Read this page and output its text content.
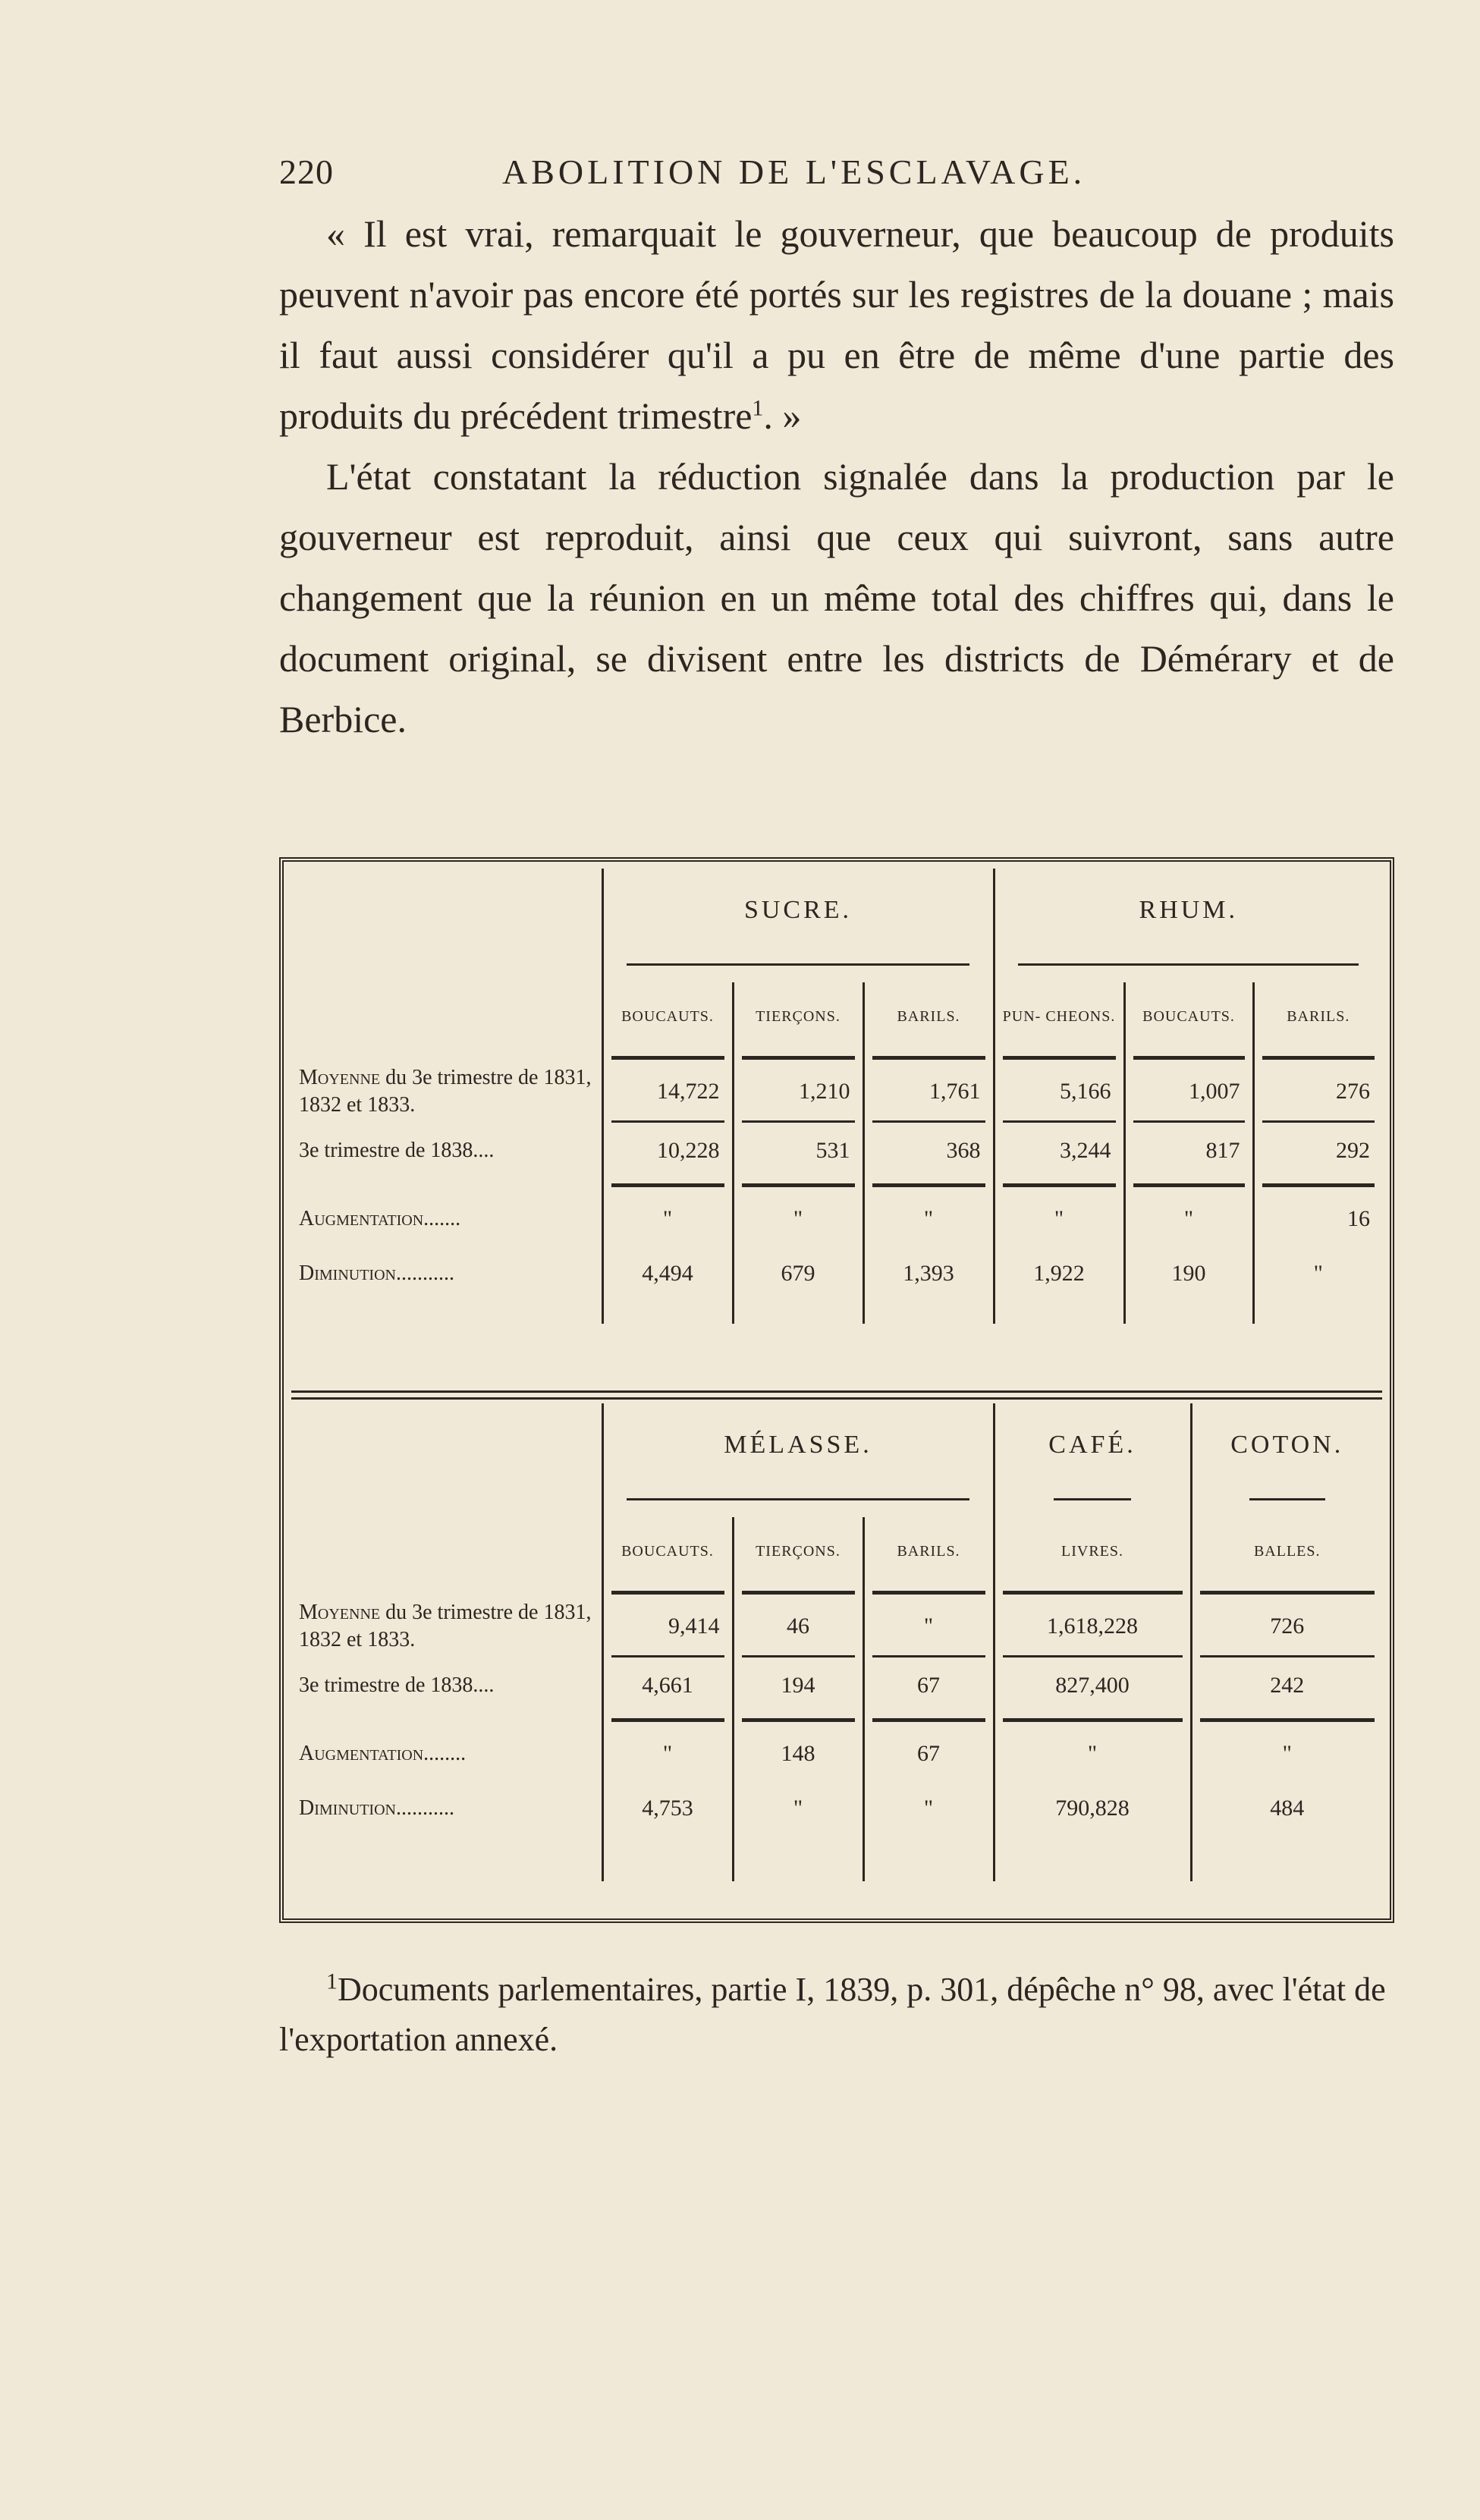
220	ABOLITION DE L'ESCLAVAGE.

« Il est vrai, remarquait le gouverneur, que beaucoup de produits peuvent n'avoir pas encore été portés sur les registres de la douane ; mais il faut aussi considérer qu'il a pu en être de même d'une partie des produits du précédent trimestre$^1$. »

L'état constatant la réduction signalée dans la production par le gouverneur est reproduit, ainsi que ceux qui suivront, sans autre changement que la réunion en un même total des chiffres qui, dans le document original, se divisent entre les districts de Démérary et de Berbice.

	SUCRE.			RHUM.		

	BOUCAUTS.	TIERÇONS.	BARILS.	PUN- CHEONS.	BOUCAUTS.	BARILS.

Moyenne du 3e trimestre de 1831, 1832 et 1833.	14,722	1,210	1,761	5,166	1,007	276

3e trimestre de 1838....	10,228	531	368	3,244	817	292

Augmentation.......	"	"	"	"	"	16
Diminution...........	4,494	679	1,393	1,922	190	"

	MÉLASSE.			CAFÉ.	COTON.

	BOUCAUTS.	TIERÇONS.	BARILS.	LIVRES.	BALLES.

Moyenne du 3e trimestre de 1831, 1832 et 1833.	9,414	46	"	1,618,228	726

3e trimestre de 1838....	4,661	194	67	827,400	242

Augmentation........	"	148	67	"	"
Diminution...........	4,753	"	"	790,828	484

$^1$Documents parlementaires, partie I, 1839, p. 301, dépêche n° 98, avec l'état de l'exportation annexé.
